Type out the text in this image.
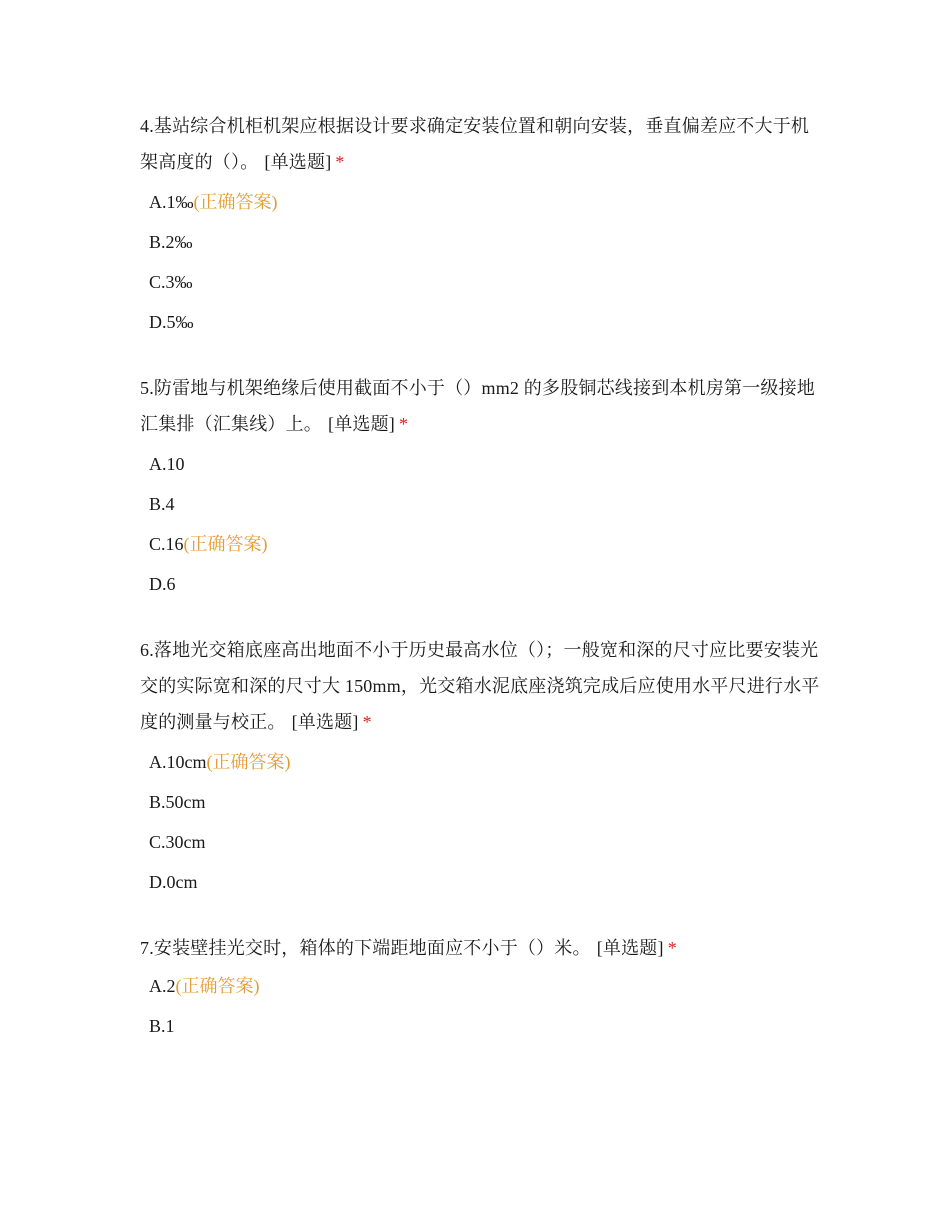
4.基站综合机柜机架应根据设计要求确定安装位置和朝向安装，垂直偏差应不大于机架高度的（）。 [单选题] *
A.1‰(正确答案)
B.2‰
C.3‰
D.5‰
5.防雷地与机架绝缘后使用截面不小于（）mm2 的多股铜芯线接到本机房第一级接地汇集排（汇集线）上。 [单选题] *
A.10
B.4
C.16(正确答案)
D.6
6.落地光交箱底座高出地面不小于历史最高水位（）；一般宽和深的尺寸应比要安装光交的实际宽和深的尺寸大 150mm，光交箱水泥底座浇筑完成后应使用水平尺进行水平度的测量与校正。 [单选题] *
A.10cm(正确答案)
B.50cm
C.30cm
D.0cm
7.安装壁挂光交时，箱体的下端距地面应不小于（）米。 [单选题] *
A.2(正确答案)
B.1
